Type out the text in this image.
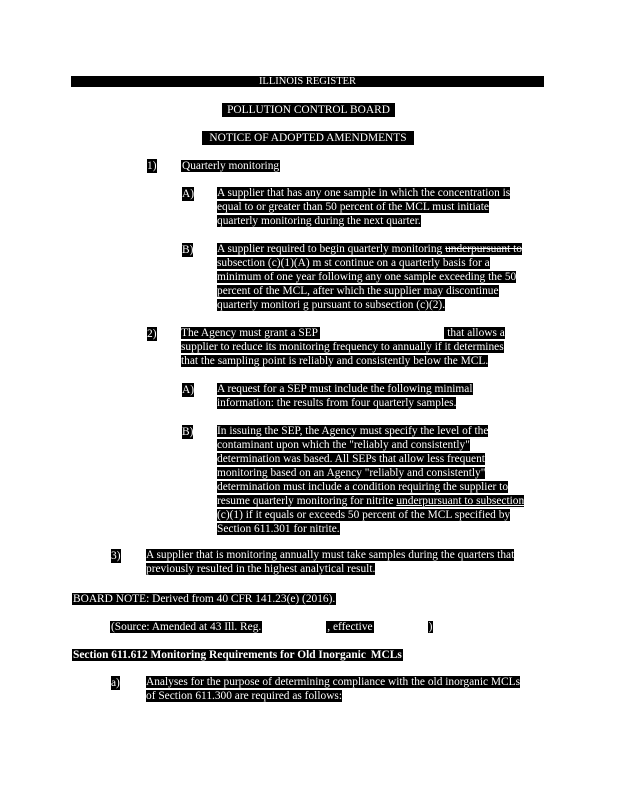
ILLINOIS REGISTER
POLLUTION CONTROL BOARD
NOTICE OF ADOPTED AMENDMENTS
1) Quarterly monitoring
A) A supplier that has any one sample in which the concentration is
equal to or greater than 50 percent of the MCL must initiate
quarterly monitoring during the next quarter.
B) A supplier required to begin quarterly monitoring underpursuant to
subsection (c)(1)(A) m st continue on a quarterly basis for a
minimum of one year following any one sample exceeding the 50
percent of the MCL, after which the supplier may discontinue
quarterly monitori g pursuant to subsection (c)(2).
2) The Agency must grant a SEP	that allows a
supplier to reduce its monitoring frequency to annually if it determines
that the sampling point is reliably and consistently below the MCL.
A) A request for a SEP must include the following minimal
information: the results from four quarterly samples.
B) In issuing the SEP, the Agency must specify the level of the
contaminant upon which the "reliably and consistently"
determination was based. All SEPs that allow less frequent
monitoring based on an Agency "reliably and consistently"
determination must include a condition requiring the supplier to
resume quarterly monitoring for nitrite underpursuant to subsection
(c)(1) if it equals or exceeds 50 percent of the MCL specified by
Section 611.301 for nitrite.
3) A supplier that is monitoring annually must take samples during the quarters that
previously resulted in the highest analytical result.
BOARD NOTE: Derived from 40 CFR 141.23(e) (2016).
(Source: Amended at 43 Ill. Reg.	, effective	)
Section 611.612 Monitoring Requirements for Old Inorganic MCLs
a) Analyses for the purpose of determining compliance with the old inorganic MCLs
of Section 611.300 are required as follows:
